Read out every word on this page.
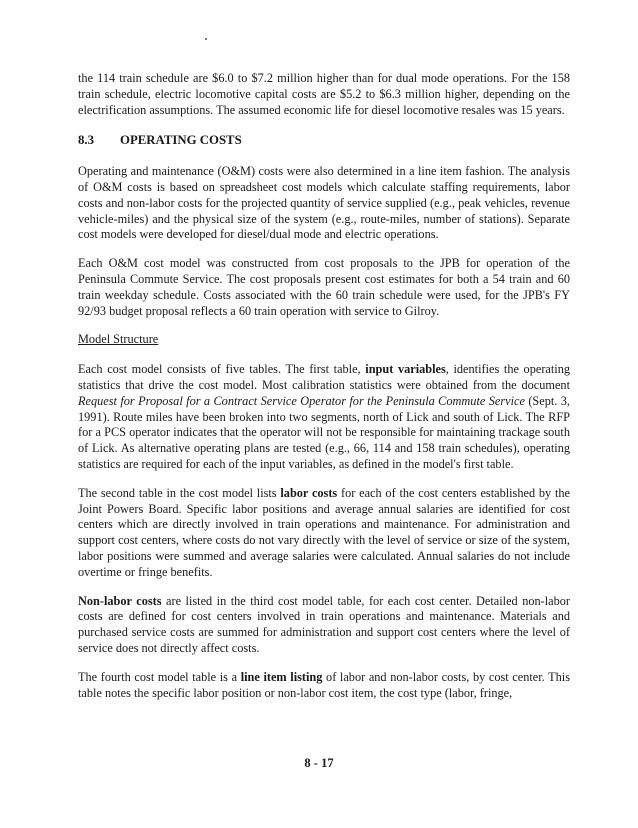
the 114 train schedule are $6.0 to $7.2 million higher than for dual mode operations. For the 158 train schedule, electric locomotive capital costs are $5.2 to $6.3 million higher, depending on the electrification assumptions. The assumed economic life for diesel locomotive resales was 15 years.

8.3	OPERATING COSTS

Operating and maintenance (O&M) costs were also determined in a line item fashion. The analysis of O&M costs is based on spreadsheet cost models which calculate staffing requirements, labor costs and non-labor costs for the projected quantity of service supplied (e.g., peak vehicles, revenue vehicle-miles) and the physical size of the system (e.g., route-miles, number of stations). Separate cost models were developed for diesel/dual mode and electric operations.

Each O&M cost model was constructed from cost proposals to the JPB for operation of the Peninsula Commute Service. The cost proposals present cost estimates for both a 54 train and 60 train weekday schedule. Costs associated with the 60 train schedule were used, for the JPB's FY 92/93 budget proposal reflects a 60 train operation with service to Gilroy.

Model Structure

Each cost model consists of five tables. The first table, input variables, identifies the operating statistics that drive the cost model. Most calibration statistics were obtained from the document Request for Proposal for a Contract Service Operator for the Peninsula Commute Service (Sept. 3, 1991). Route miles have been broken into two segments, north of Lick and south of Lick. The RFP for a PCS operator indicates that the operator will not be responsible for maintaining trackage south of Lick. As alternative operating plans are tested (e.g., 66, 114 and 158 train schedules), operating statistics are required for each of the input variables, as defined in the model's first table.

The second table in the cost model lists labor costs for each of the cost centers established by the Joint Powers Board. Specific labor positions and average annual salaries are identified for cost centers which are directly involved in train operations and maintenance. For administration and support cost centers, where costs do not vary directly with the level of service or size of the system, labor positions were summed and average salaries were calculated. Annual salaries do not include overtime or fringe benefits.

Non-labor costs are listed in the third cost model table, for each cost center. Detailed non-labor costs are defined for cost centers involved in train operations and maintenance. Materials and purchased service costs are summed for administration and support cost centers where the level of service does not directly affect costs.

The fourth cost model table is a line item listing of labor and non-labor costs, by cost center. This table notes the specific labor position or non-labor cost item, the cost type (labor, fringe,

8 - 17
